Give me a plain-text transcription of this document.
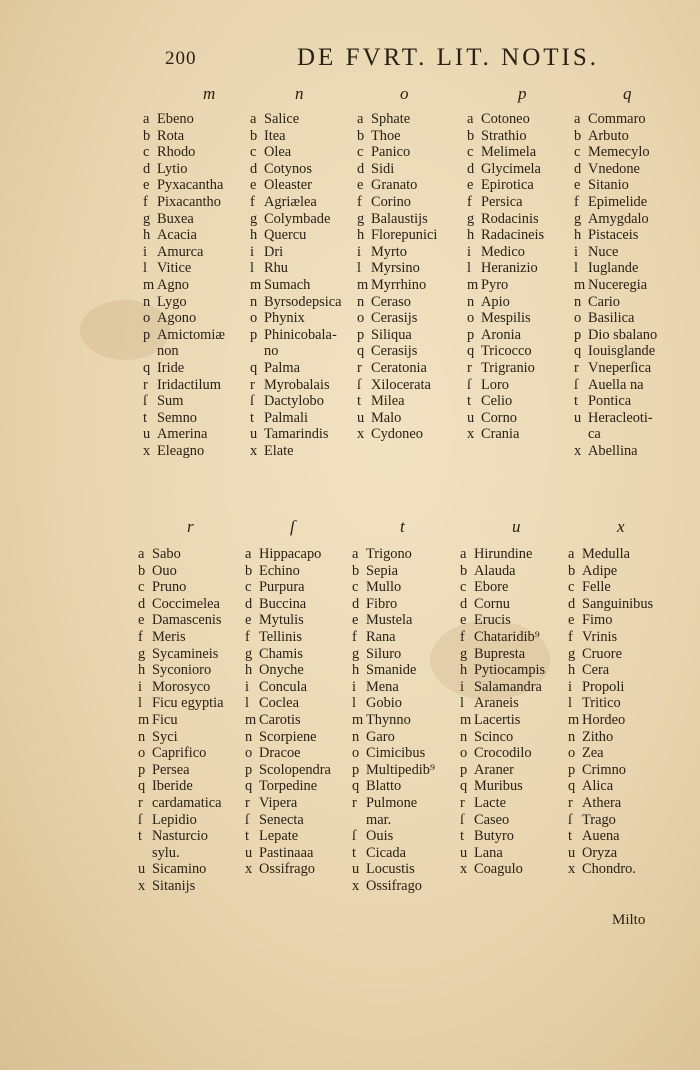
200	DE FVRT. LIT. NOTIS.
m
a Ebeno
b Rota
c Rhodo
d Lytio
e Pyxacantha
f Pixacantho
g Buxea
h Acacia
i Amurca
l Vitice
m Agno
n Lygo
o Agono
p Amictomiæ
non
q Iride
r Iridactilum
ſ Sum
t Semno
u Amerina
x Eleagno
n
a Salice
b Itea
c Olea
d Cotynos
e Oleaster
f Agriælea
g Colymbade
h Quercu
i Dri
l Rhu
m Sumach
n Byrsodepsica
o Phynix
p Phinicobala-
no
q Palma
r Myrobalais
ſ Dactylobo
t Palmali
u Tamarindis
x Elate
o
a Sphate
b Thoe
c Panico
d Sidi
e Granato
f Corino
g Balaustijs
h Florepunici
i Myrto
l Myrsino
m Myrrhino
n Ceraso
o Cerasijs
p Siliqua
q Cerasijs
r Ceratonia
ſ Xiloceratа
t Milea
u Malo
x Cydoneo
p
a Cotoneo
b Strathio
c Melimela
d Glycimela
e Epirotica
f Persica
g Rodacinis
h Radacineis
i Medico
l Heranizio
m Pyro
n Apio
o Mespilis
p Aronia
q Tricocco
r Trigranio
ſ Loro
t Celio
u Corno
x Crania
q
a Commaro
b Arbuto
c Memecylo
d Vnedone
e Sitanio
f Epimelide
g Amygdalo
h Pistaceis
i Nuce
l Iuglande
m Nuceregia
n Cario
o Basilica
p Dio sbalano
q Iouisglande
r Vneperſica
ſ Auella na
t Pontica
u Heracleoti-
ca
x Abellina
r
a Sabo
b Ouo
c Pruno
d Coccimelea
e Damascenis
f Meris
g Sycamineis
h Syconioro
i Morosyco
l Ficu egyptia
m Ficu
n Syci
o Caprifico
p Persea
q Iberide
r cardamatica
ſ Lepidio
t Nasturcio
sylu.
u Sicamino
x Sitanijs
ſ
a Hippacapo
b Echino
c Purpura
d Buccina
e Mytulis
f Tellinis
g Chamis
h Onyche
i Concula
l Coclea
m Carotis
n Scorpiene
o Dracoe
p Scolopendra
q Torpedine
r Vipera
ſ Senecta
t Lepate
u Pastinaaa
x Ossifrago
t
a Trigono
b Sepia
c Mullo
d Fibro
e Mustela
f Rana
g Siluro
h Smanide
i Mena
l Gobio
m Thynno
n Garo
o Cimicibus
p Multipedib⁹
q Blatto
r Pulmone
mar.
ſ Ouis
t Cicada
u Locustis
x Ossifrago
u
a Hirundine
b Alauda
c Ebore
d Cornu
e Erucis
f Chataridib⁹
g Bupresta
h Pytiocampis
i Salamandra
l Araneis
m Lacertis
n Scinco
o Crocodilo
p Araner
q Muribus
r Lacte
ſ Caseo
t Butyro
u Lana
x Coagulo
x
a Medulla
b Adipe
c Felle
d Sanguinibus
e Fimo
f Vrinis
g Cruore
h Cera
i Propoli
l Tritico
m Hordeo
n Zitho
o Zea
p Crimno
q Alica
r Athera
ſ Trago
t Auena
u Oryza
x Chondro.
Milto
